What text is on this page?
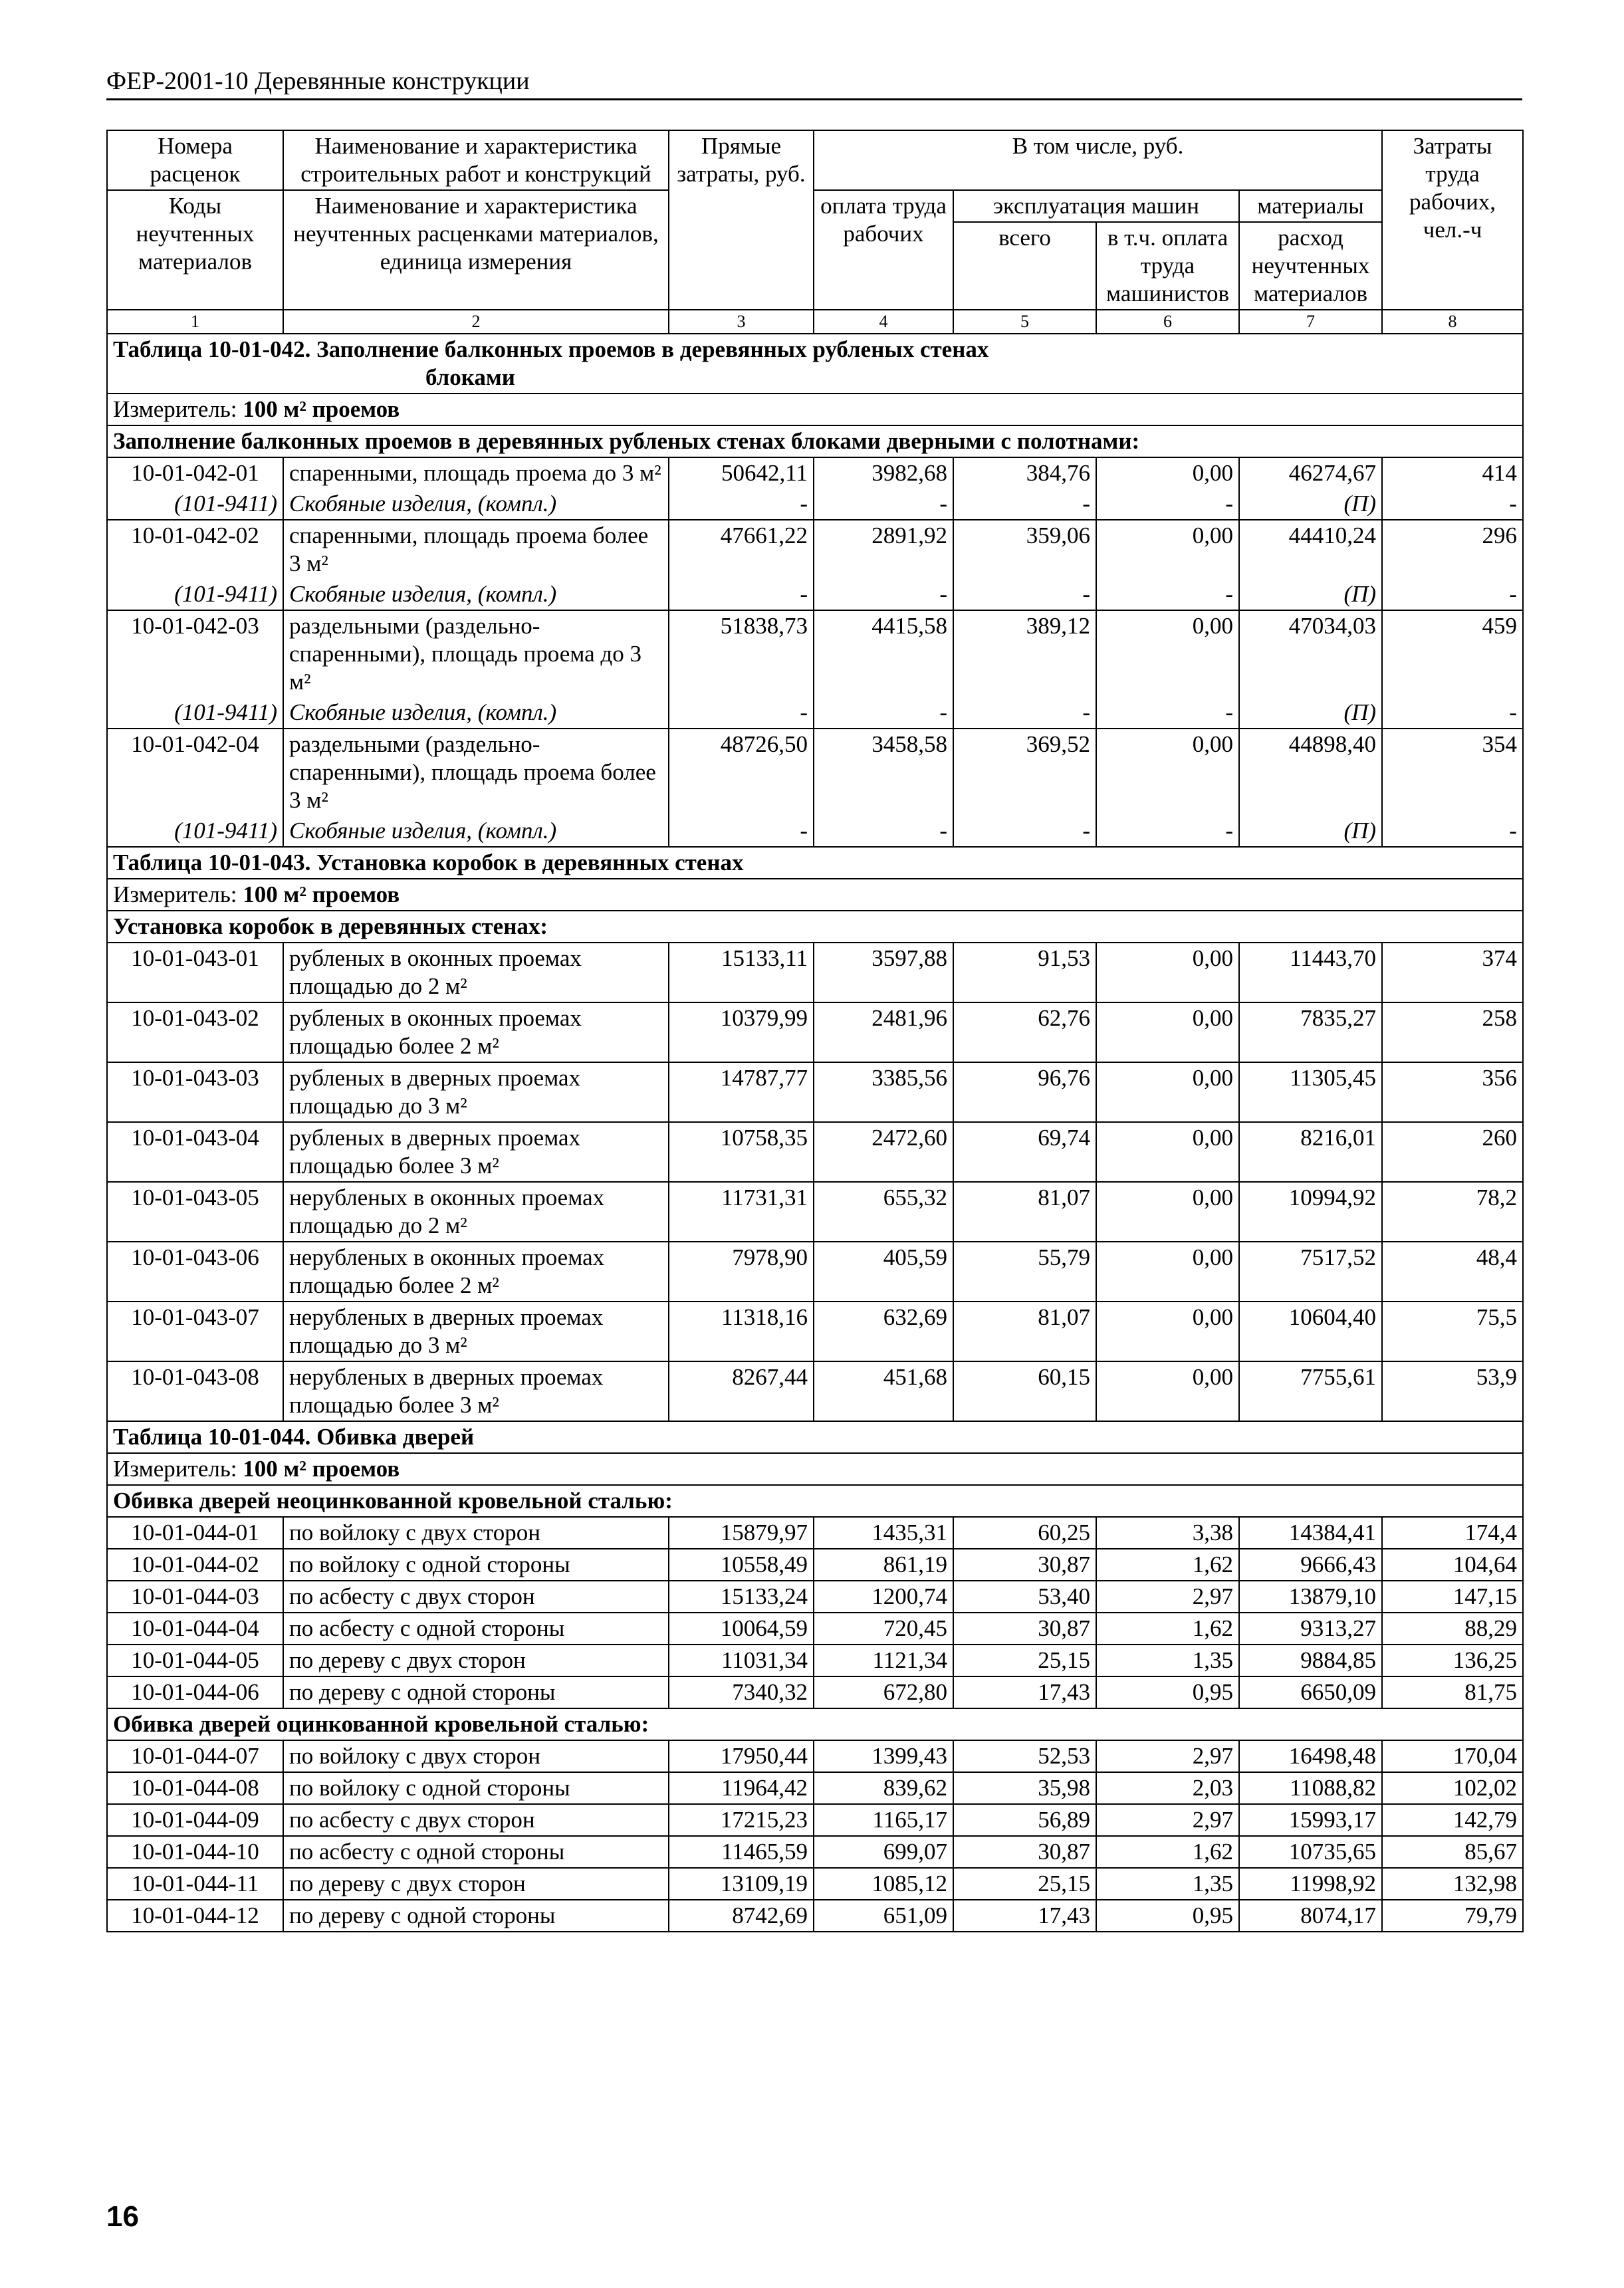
ФЕР-2001-10 Деревянные конструкции
Номера расценок	Наименование и характеристика строительных работ и конструкций	Прямые затраты, руб.	В том числе, руб.				Затраты труда рабочих, чел.-ч
Коды неучтенных материалов	Наименование и характеристика неучтенных расценками материалов, единица измерения		оплата труда рабочих	эксплуатация машин		материалы	
				всего	в т.ч. оплата труда машинистов	расход неучтенных материалов	
1	2	3	4	5	6	7	8
Таблица 10-01-042. Заполнение балконных проемов в деревянных рубленых стенах
блоками							

Измеритель: 100 м² проемов							
Заполнение балконных проемов в деревянных рубленых стенах блоками дверными с полотнами:							
10-01-042-01	спаренными, площадь проема до 3 м²	50642,11	3982,68	384,76	0,00	46274,67	414
(101-9411)	Скобяные изделия, (компл.)	-	-	-	-	(П)	-
10-01-042-02	спаренными, площадь проема более 3 м²	47661,22	2891,92	359,06	0,00	44410,24	296
(101-9411)	Скобяные изделия, (компл.)	-	-	-	-	(П)	-
10-01-042-03	раздельными (раздельно-спаренными), площадь проема до 3 м²	51838,73	4415,58	389,12	0,00	47034,03	459
(101-9411)	Скобяные изделия, (компл.)	-	-	-	-	(П)	-
10-01-042-04	раздельными (раздельно-спаренными), площадь проема более 3 м²	48726,50	3458,58	369,52	0,00	44898,40	354
(101-9411)	Скобяные изделия, (компл.)	-	-	-	-	(П)	-
Таблица 10-01-043. Установка коробок в деревянных стенах							
Измеритель: 100 м² проемов							
Установка коробок в деревянных стенах:							
10-01-043-01	рубленых в оконных проемах площадью до 2 м²	15133,11	3597,88	91,53	0,00	11443,70	374
10-01-043-02	рубленых в оконных проемах площадью более 2 м²	10379,99	2481,96	62,76	0,00	7835,27	258
10-01-043-03	рубленых в дверных проемах площадью до 3 м²	14787,77	3385,56	96,76	0,00	11305,45	356
10-01-043-04	рубленых в дверных проемах площадью более 3 м²	10758,35	2472,60	69,74	0,00	8216,01	260
10-01-043-05	нерубленых в оконных проемах площадью до 2 м²	11731,31	655,32	81,07	0,00	10994,92	78,2
10-01-043-06	нерубленых в оконных проемах площадью более 2 м²	7978,90	405,59	55,79	0,00	7517,52	48,4
10-01-043-07	нерубленых в дверных проемах площадью до 3 м²	11318,16	632,69	81,07	0,00	10604,40	75,5
10-01-043-08	нерубленых в дверных проемах площадью более 3 м²	8267,44	451,68	60,15	0,00	7755,61	53,9
Таблица 10-01-044. Обивка дверей							
Измеритель: 100 м² проемов							
Обивка дверей неоцинкованной кровельной сталью:							
10-01-044-01	по войлоку с двух сторон	15879,97	1435,31	60,25	3,38	14384,41	174,4
10-01-044-02	по войлоку с одной стороны	10558,49	861,19	30,87	1,62	9666,43	104,64
10-01-044-03	по асбесту с двух сторон	15133,24	1200,74	53,40	2,97	13879,10	147,15
10-01-044-04	по асбесту с одной стороны	10064,59	720,45	30,87	1,62	9313,27	88,29
10-01-044-05	по дереву с двух сторон	11031,34	1121,34	25,15	1,35	9884,85	136,25
10-01-044-06	по дереву с одной стороны	7340,32	672,80	17,43	0,95	6650,09	81,75
Обивка дверей оцинкованной кровельной сталью:							
10-01-044-07	по войлоку с двух сторон	17950,44	1399,43	52,53	2,97	16498,48	170,04
10-01-044-08	по войлоку с одной стороны	11964,42	839,62	35,98	2,03	11088,82	102,02
10-01-044-09	по асбесту с двух сторон	17215,23	1165,17	56,89	2,97	15993,17	142,79
10-01-044-10	по асбесту с одной стороны	11465,59	699,07	30,87	1,62	10735,65	85,67
10-01-044-11	по дереву с двух сторон	13109,19	1085,12	25,15	1,35	11998,92	132,98
10-01-044-12	по дереву с одной стороны	8742,69	651,09	17,43	0,95	8074,17	79,79
16
